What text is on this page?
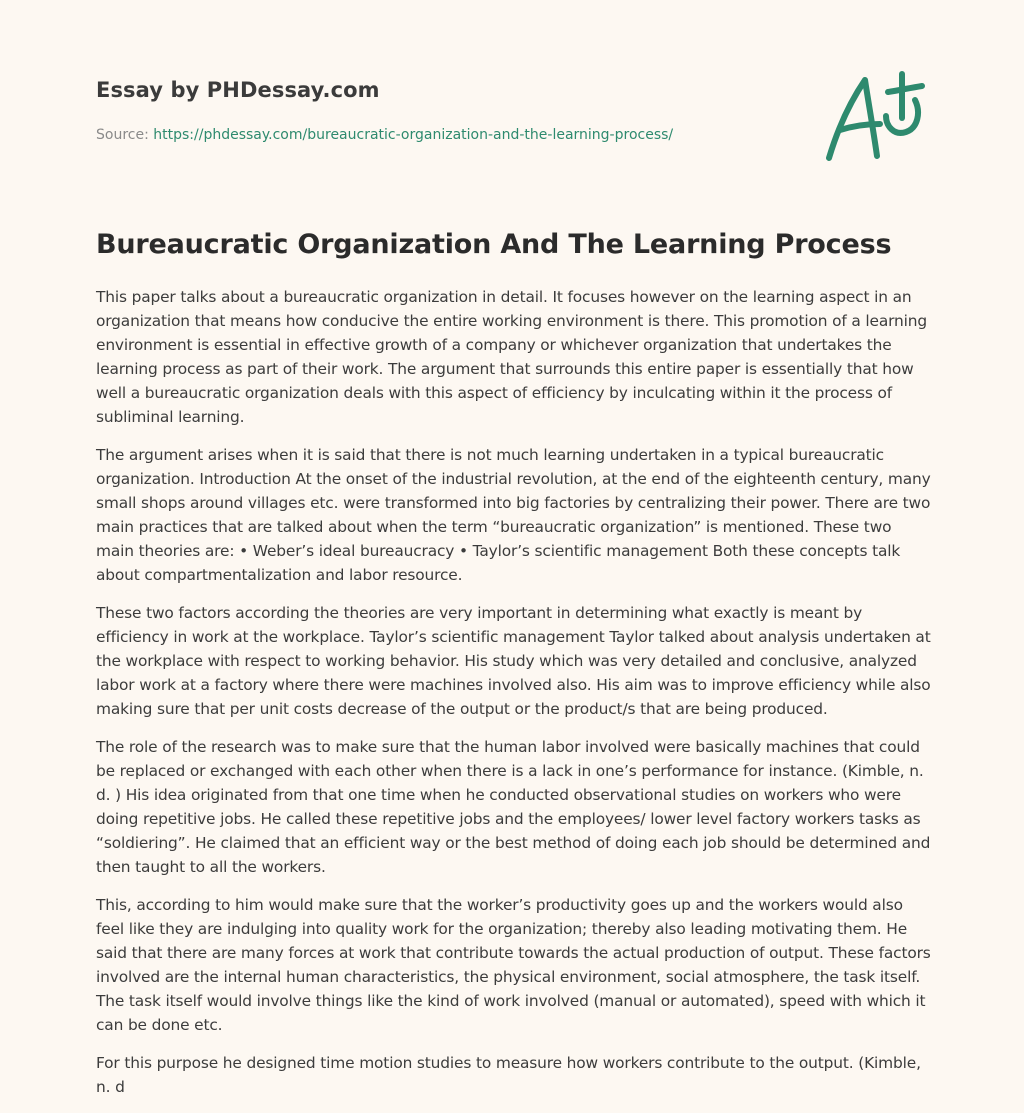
Essay by PHDessay.com
Source: https://phdessay.com/bureaucratic-organization-and-the-learning-process/
Bureaucratic Organization And The Learning Process

This paper talks about a bureaucratic organization in detail. It focuses however on the learning aspect in an organization that means how conducive the entire working environment is there. This promotion of a learning environment is essential in effective growth of a company or whichever organization that undertakes the learning process as part of their work. The argument that surrounds this entire paper is essentially that how well a bureaucratic organization deals with this aspect of efficiency by inculcating within it the process of subliminal learning.

The argument arises when it is said that there is not much learning undertaken in a typical bureaucratic organization. Introduction At the onset of the industrial revolution, at the end of the eighteenth century, many small shops around villages etc. were transformed into big factories by centralizing their power. There are two main practices that are talked about when the term “bureaucratic organization” is mentioned. These two main theories are: • Weber’s ideal bureaucracy • Taylor’s scientific management Both these concepts talk about compartmentalization and labor resource.

These two factors according the theories are very important in determining what exactly is meant by efficiency in work at the workplace. Taylor’s scientific management Taylor talked about analysis undertaken at the workplace with respect to working behavior. His study which was very detailed and conclusive, analyzed labor work at a factory where there were machines involved also. His aim was to improve efficiency while also making sure that per unit costs decrease of the output or the product/s that are being produced.

The role of the research was to make sure that the human labor involved were basically machines that could be replaced or exchanged with each other when there is a lack in one’s performance for instance. (Kimble, n. d. ) His idea originated from that one time when he conducted observational studies on workers who were doing repetitive jobs. He called these repetitive jobs and the employees/ lower level factory workers tasks as “soldiering”. He claimed that an efficient way or the best method of doing each job should be determined and then taught to all the workers.

This, according to him would make sure that the worker’s productivity goes up and the workers would also feel like they are indulging into quality work for the organization; thereby also leading motivating them. He said that there are many forces at work that contribute towards the actual production of output. These factors involved are the internal human characteristics, the physical environment, social atmosphere, the task itself. The task itself would involve things like the kind of work involved (manual or automated), speed with which it can be done etc.

For this purpose he designed time motion studies to measure how workers contribute to the output. (Kimble, n. d
